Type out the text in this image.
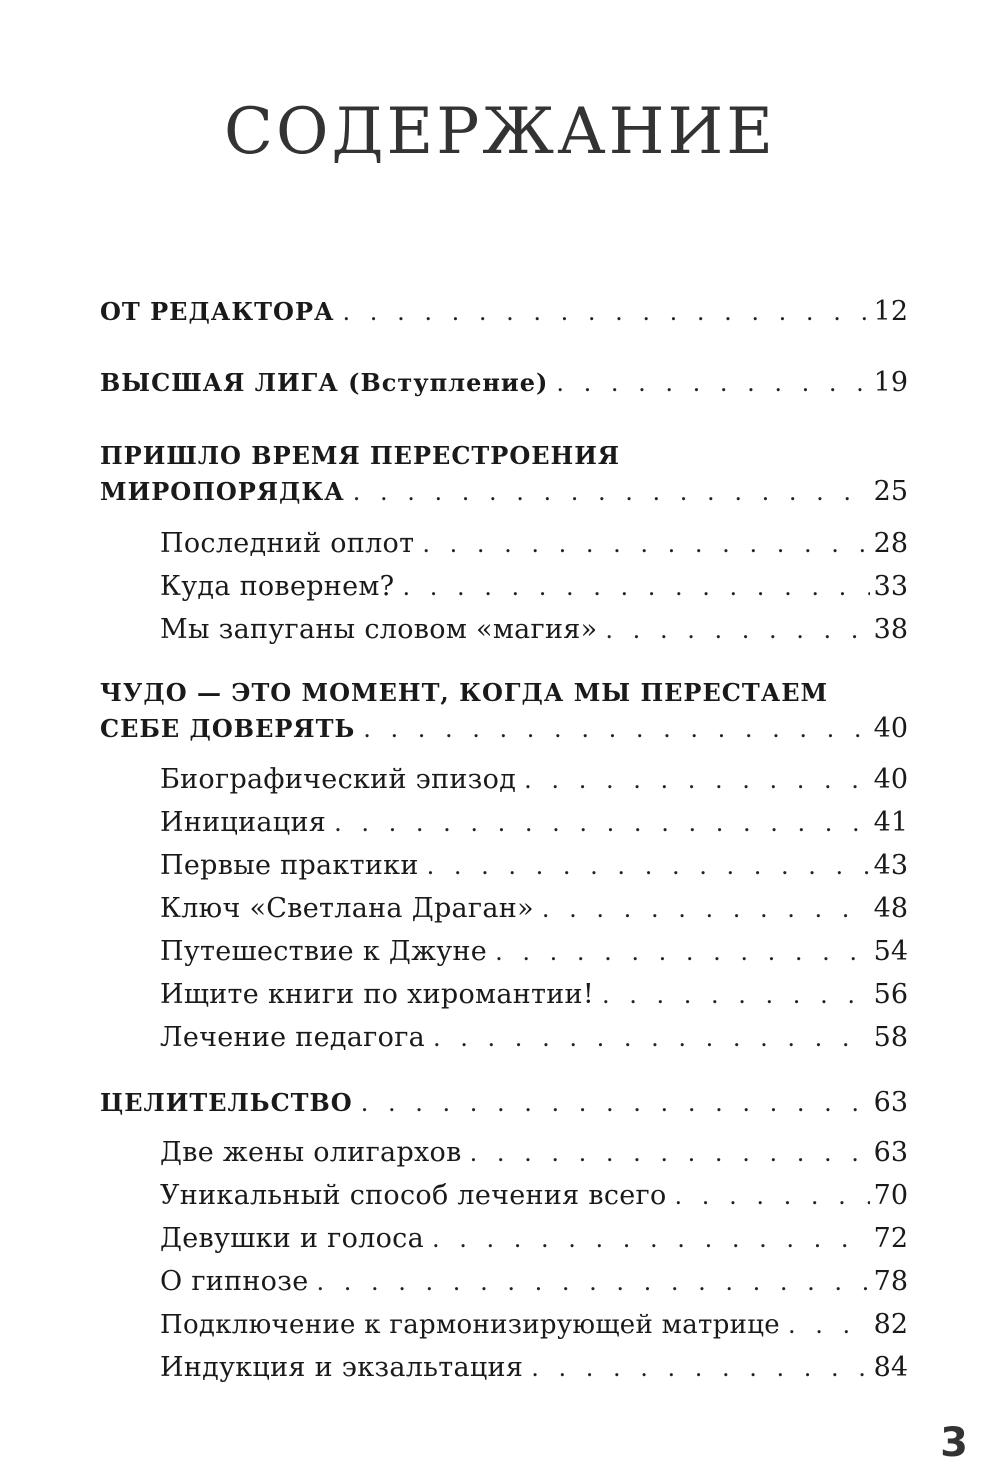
СОДЕРЖАНИЕ
ОТ РЕДАКТОРА . . .	12
ВЫСШАЯ ЛИГА (Вступление) . . .	19
ПРИШЛО ВРЕМЯ ПЕРЕСТРОЕНИЯ
МИРОПОРЯДКА . . .	25
Последний оплот . . .	28
Куда повернем? . . .	33
Мы запуганы словом «магия» . . .	38
ЧУДО — ЭТО МОМЕНТ, КОГДА МЫ ПЕРЕСТАЕМ
СЕБЕ ДОВЕРЯТЬ . . .	40
Биографический эпизод . . .	40
Инициация . . .	41
Первые практики . . .	43
Ключ «Светлана Драган» . . .	48
Путешествие к Джуне . . .	54
Ищите книги по хиромантии! . . .	56
Лечение педагога . . .	58
ЦЕЛИТЕЛЬСТВО . . .	63
Две жены олигархов . . .	63
Уникальный способ лечения всего . . .	70
Девушки и голоса . . .	72
О гипнозе . . .	78
Подключение к гармонизирующей матрице . . .	82
Индукция и экзальтация . . .	84
3
